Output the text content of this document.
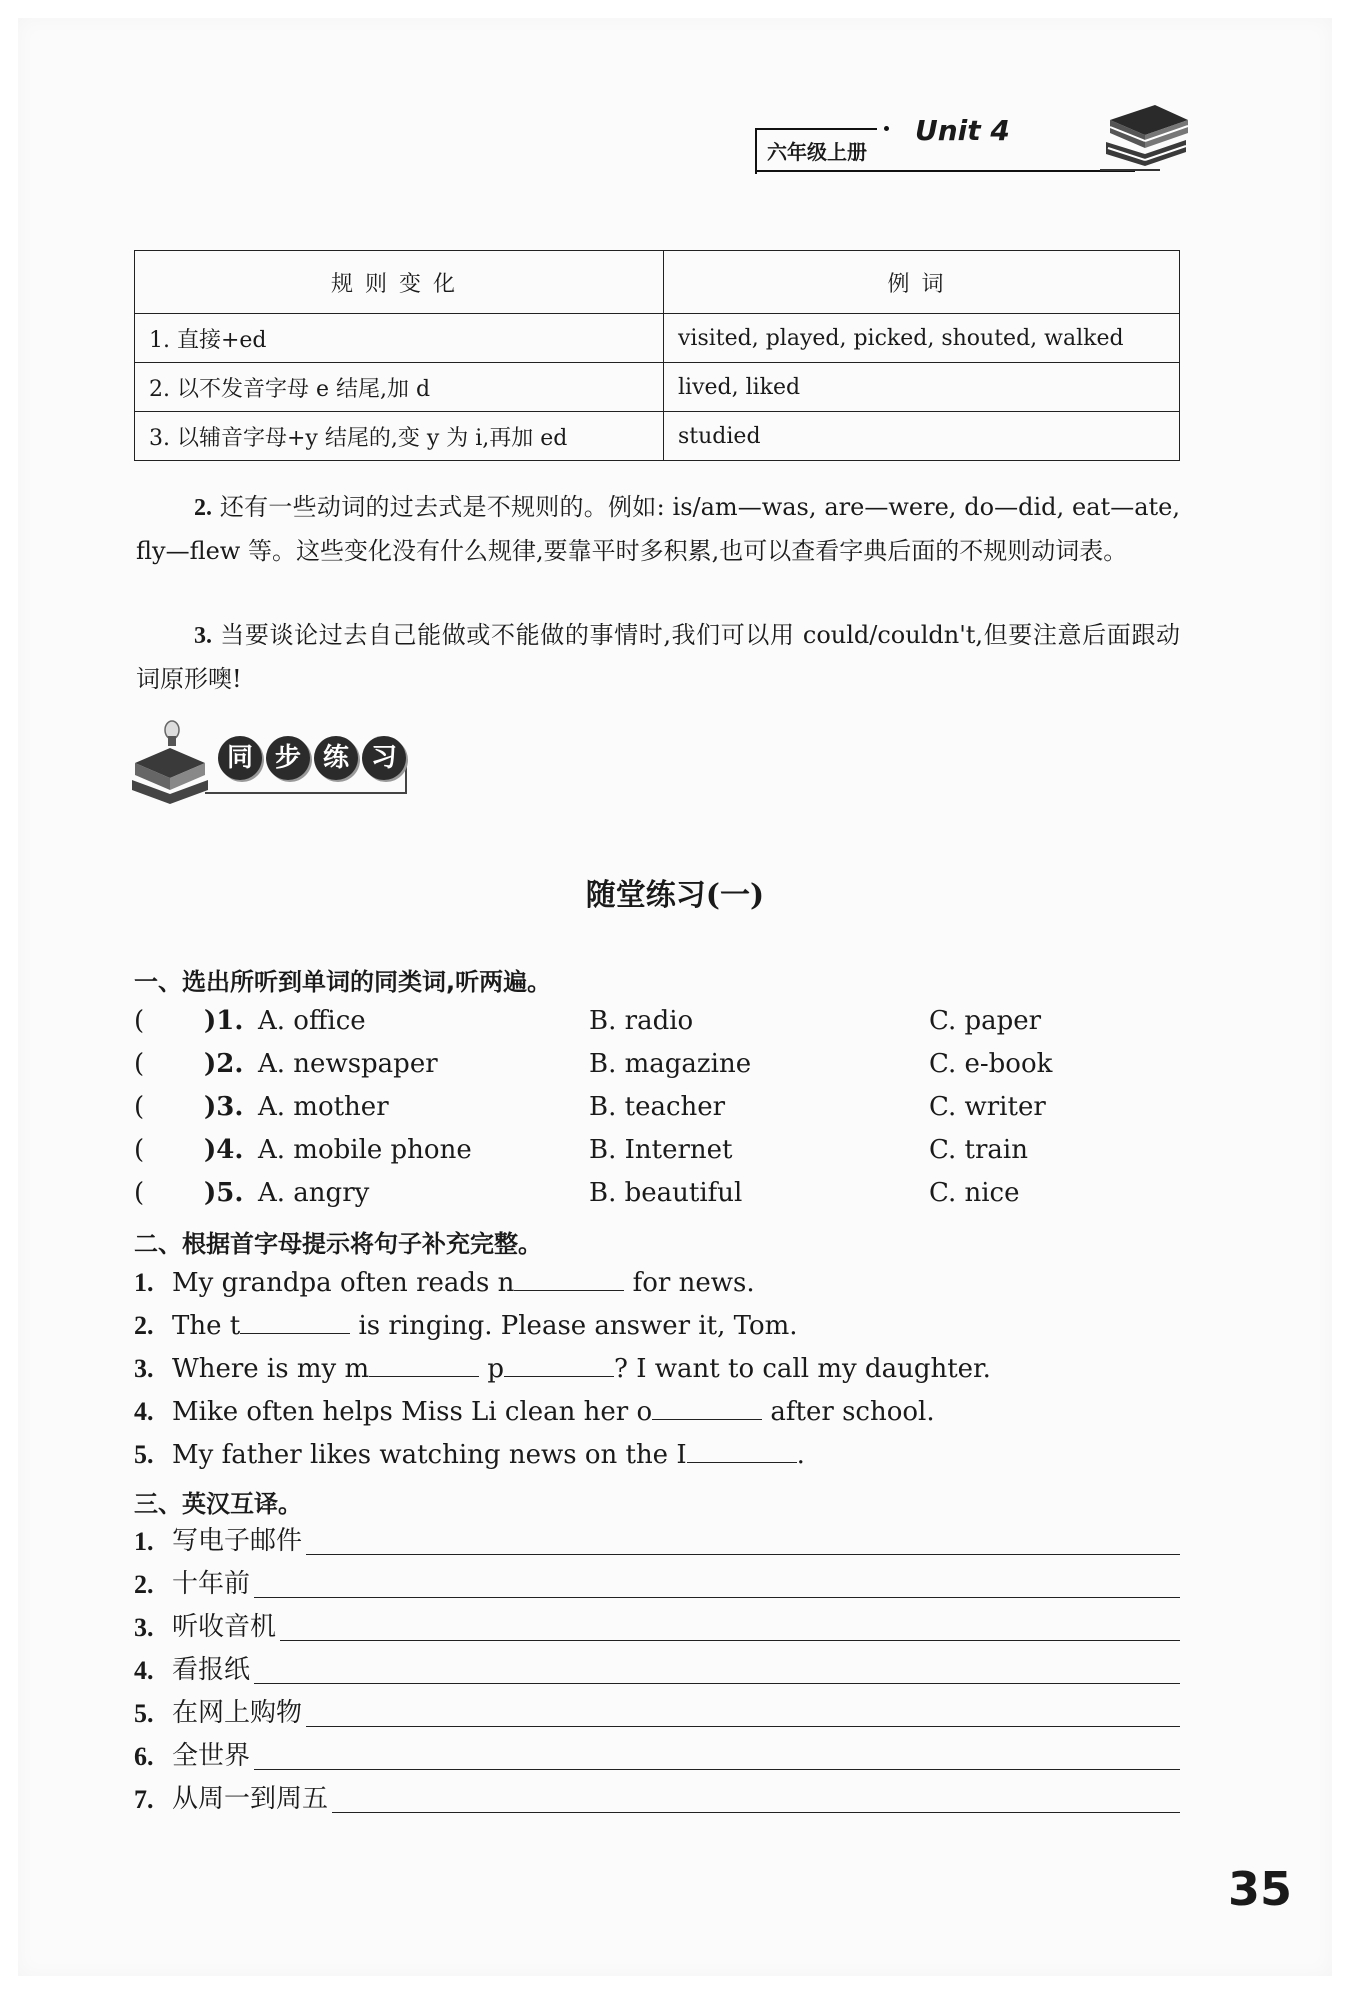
六年级上册
Unit 4
规则变化	例词
1. 直接+ed	visited, played, picked, shouted, walked
2. 以不发音字母 e 结尾,加 d	lived, liked
3. 以辅音字母+y 结尾的,变 y 为 i,再加 ed	studied
2. 还有一些动词的过去式是不规则的。例如: is/am—was, are—were, do—did, eat—ate, fly—flew 等。这些变化没有什么规律,要靠平时多积累,也可以查看字典后面的不规则动词表。
3. 当要谈论过去自己能做或不能做的事情时,我们可以用 could/couldn't,但要注意后面跟动词原形噢!
同 步 练 习
随堂练习(一)
一、选出所听到单词的同类词,听两遍。
( )1. A. office	B. radio	C. paper
( )2. A. newspaper	B. magazine	C. e-book
( )3. A. mother	B. teacher	C. writer
( )4. A. mobile phone	B. Internet	C. train
( )5. A. angry	B. beautiful	C. nice
二、根据首字母提示将句子补充完整。
1. My grandpa often reads n	for news.
2. The t	is ringing. Please answer it, Tom.
3. Where is my m	p	? I want to call my daughter.
4. Mike often helps Miss Li clean her o	after school.
5. My father likes watching news on the I	.
三、英汉互译。
1. 写电子邮件
2. 十年前
3. 听收音机
4. 看报纸
5. 在网上购物
6. 全世界
7. 从周一到周五
35
